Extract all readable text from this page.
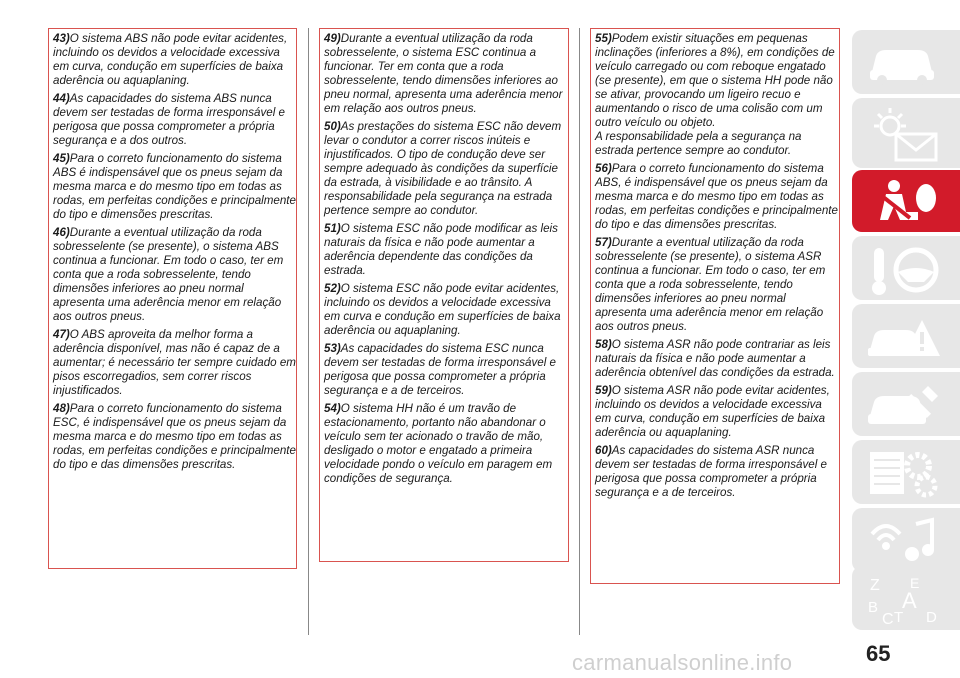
43)O sistema ABS não pode evitar acidentes, incluindo os devidos a velocidade excessiva em curva, condução em superfícies de baixa aderência ou aquaplaning.

44)As capacidades do sistema ABS nunca devem ser testadas de forma irresponsável e perigosa que possa comprometer a própria segurança e a dos outros.

45)Para o correto funcionamento do sistema ABS é indispensável que os pneus sejam da mesma marca e do mesmo tipo em todas as rodas, em perfeitas condições e principalmente do tipo e dimensões prescritas.

46)Durante a eventual utilização da roda sobresselente (se presente), o sistema ABS continua a funcionar. Em todo o caso, ter em conta que a roda sobresselente, tendo dimensões inferiores ao pneu normal apresenta uma aderência menor em relação aos outros pneus.

47)O ABS aproveita da melhor forma a aderência disponível, mas não é capaz de a aumentar; é necessário ter sempre cuidado em pisos escorregadios, sem correr riscos injustificados.

48)Para o correto funcionamento do sistema ESC, é indispensável que os pneus sejam da mesma marca e do mesmo tipo em todas as rodas, em perfeitas condições e principalmente do tipo e das dimensões prescritas.

49)Durante a eventual utilização da roda sobresselente, o sistema ESC continua a funcionar. Ter em conta que a roda sobresselente, tendo dimensões inferiores ao pneu normal, apresenta uma aderência menor em relação aos outros pneus.

50)As prestações do sistema ESC não devem levar o condutor a correr riscos inúteis e injustificados. O tipo de condução deve ser sempre adequado às condições da superfície da estrada, à visibilidade e ao trânsito. A responsabilidade pela segurança na estrada pertence sempre ao condutor.

51)O sistema ESC não pode modificar as leis naturais da física e não pode aumentar a aderência dependente das condições da estrada.

52)O sistema ESC não pode evitar acidentes, incluindo os devidos a velocidade excessiva em curva e condução em superfícies de baixa aderência ou aquaplaning.

53)As capacidades do sistema ESC nunca devem ser testadas de forma irresponsável e perigosa que possa comprometer a própria segurança e a de terceiros.

54)O sistema HH não é um travão de estacionamento, portanto não abandonar o veículo sem ter acionado o travão de mão, desligado o motor e engatado a primeira velocidade pondo o veículo em paragem em condições de segurança.

55)Podem existir situações em pequenas inclinações (inferiores a 8%), em condições de veículo carregado ou com reboque engatado (se presente), em que o sistema HH pode não se ativar, provocando um ligeiro recuo e aumentando o risco de uma colisão com um outro veículo ou objeto.

A responsabilidade pela a segurança na estrada pertence sempre ao condutor.

56)Para o correto funcionamento do sistema ABS, é indispensável que os pneus sejam da mesma marca e do mesmo tipo em todas as rodas, em perfeitas condições e principalmente do tipo e das dimensões prescritas.

57)Durante a eventual utilização da roda sobresselente (se presente), o sistema ASR continua a funcionar. Em todo o caso, ter em conta que a roda sobresselente, tendo dimensões inferiores ao pneu normal apresenta uma aderência menor em relação aos outros pneus.

58)O sistema ASR não pode contrariar as leis naturais da física e não pode aumentar a aderência obtenível das condições da estrada.

59)O sistema ASR não pode evitar acidentes, incluindo os devidos a velocidade excessiva em curva, condução em superfícies de baixa aderência ou aquaplaning.

60)As capacidades do sistema ASR nunca devem ser testadas de forma irresponsável e perigosa que possa comprometer a própria segurança e a de terceiros.

Z E
A
B
C T D
65
carmanualsonline.info
